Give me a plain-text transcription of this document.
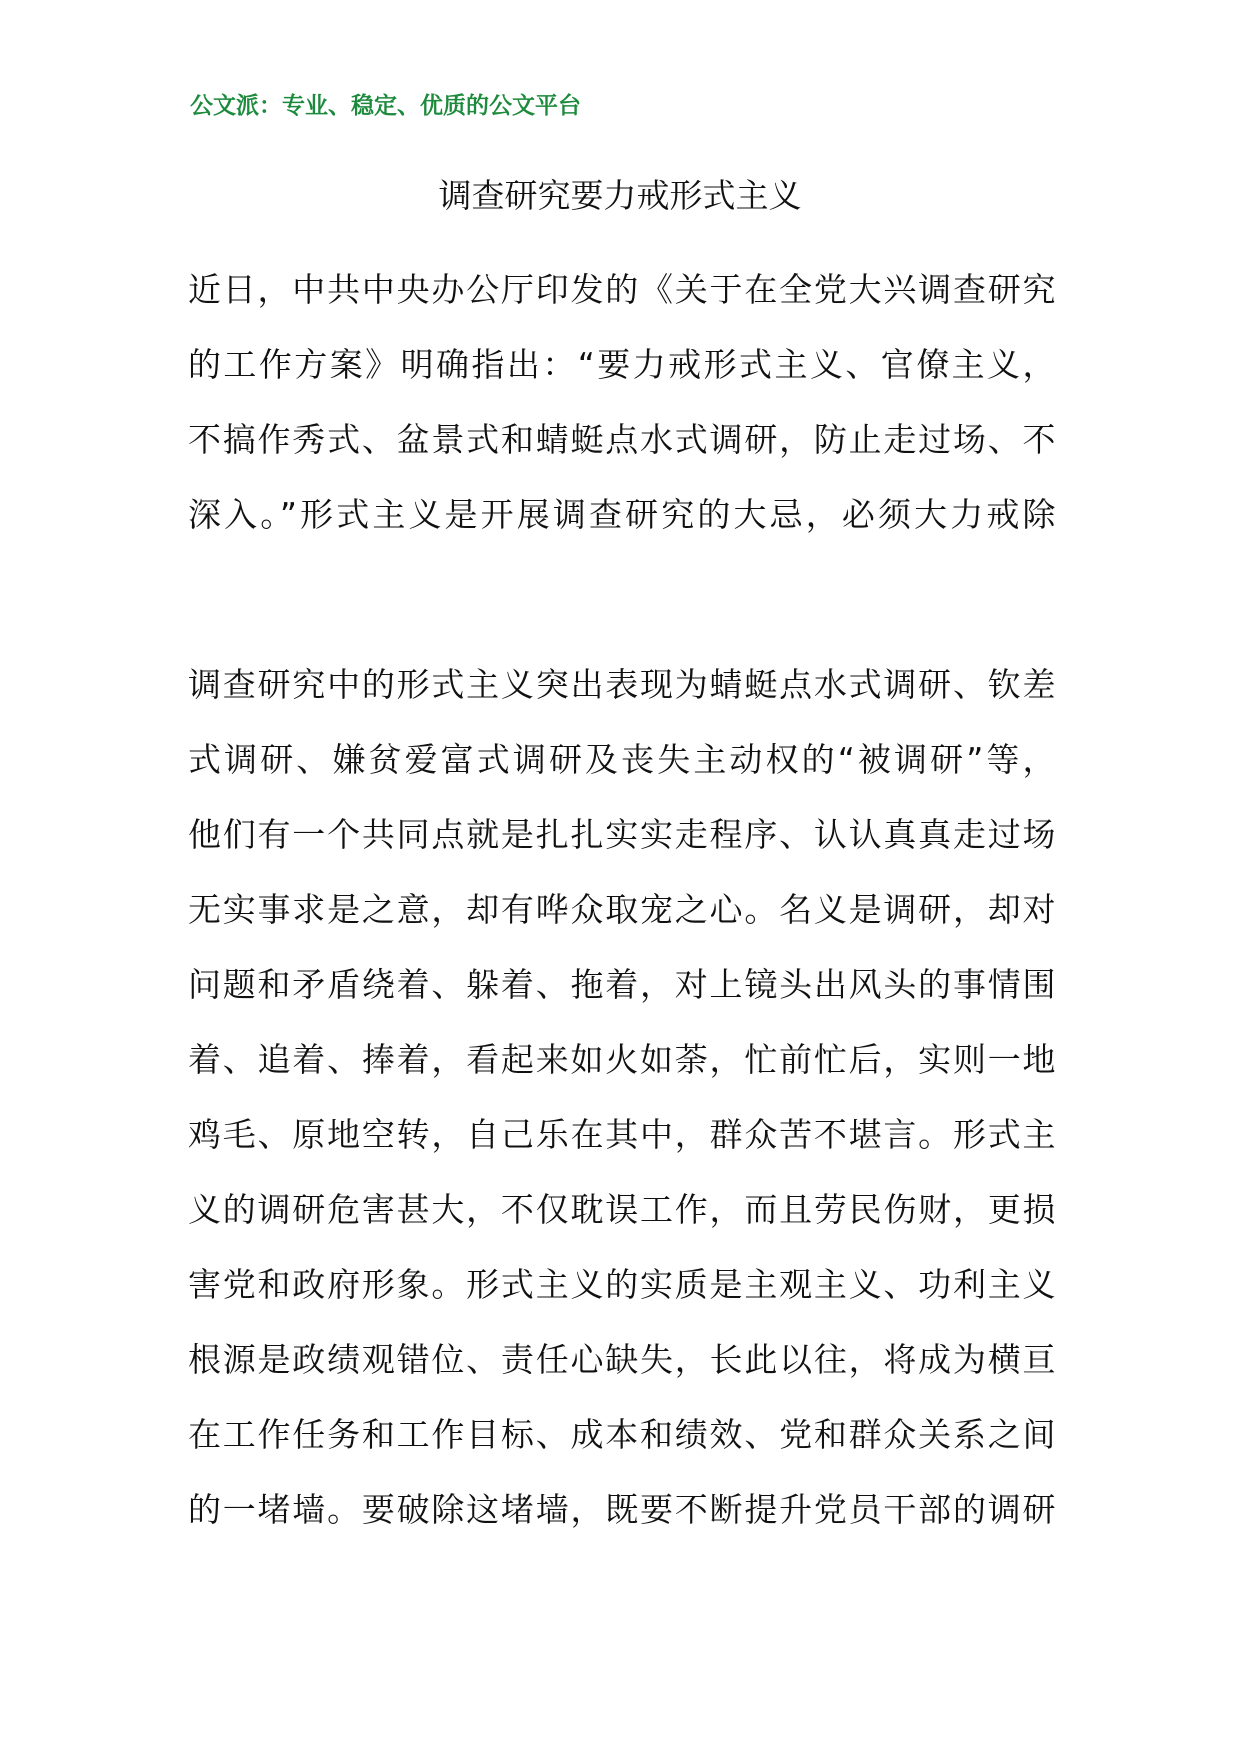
公文派：专业、稳定、优质的公文平台
调查研究要力戒形式主义
近日，中共中央办公厅印发的《关于在全党大兴调查研究
的工作方案》明确指出：“要力戒形式主义、官僚主义，
不搞作秀式、盆景式和蜻蜓点水式调研，防止走过场、不
深入。”形式主义是开展调查研究的大忌，必须大力戒除
调查研究中的形式主义突出表现为蜻蜓点水式调研、钦差
式调研、嫌贫爱富式调研及丧失主动权的“被调研”等，
他们有一个共同点就是扎扎实实走程序、认认真真走过场
无实事求是之意，却有哗众取宠之心。名义是调研，却对
问题和矛盾绕着、躲着、拖着，对上镜头出风头的事情围
着、追着、捧着，看起来如火如荼，忙前忙后，实则一地
鸡毛、原地空转，自己乐在其中，群众苦不堪言。形式主
义的调研危害甚大，不仅耽误工作，而且劳民伤财，更损
害党和政府形象。形式主义的实质是主观主义、功利主义
根源是政绩观错位、责任心缺失，长此以往，将成为横亘
在工作任务和工作目标、成本和绩效、党和群众关系之间
的一堵墙。要破除这堵墙，既要不断提升党员干部的调研
